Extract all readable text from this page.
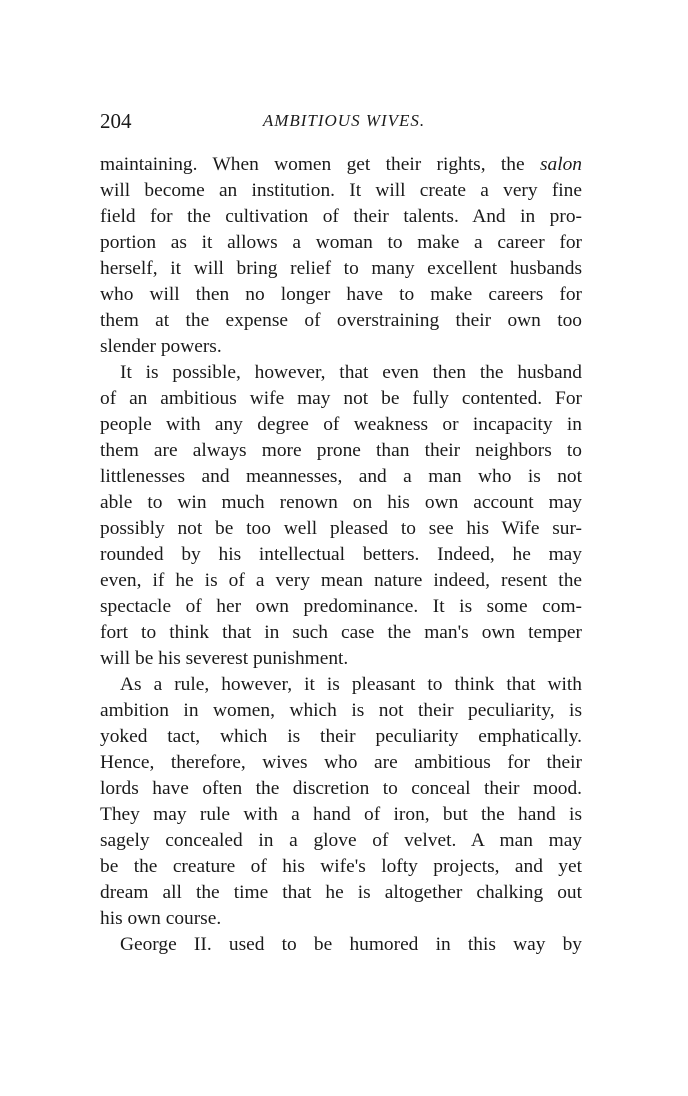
204	AMBITIOUS WIVES.
maintaining. When women get their rights, the salon
will become an institution. It will create a very fine
field for the cultivation of their talents. And in pro-
portion as it allows a woman to make a career for
herself, it will bring relief to many excellent husbands
who will then no longer have to make careers for
them at the expense of overstraining their own too
slender powers.
It is possible, however, that even then the husband
of an ambitious wife may not be fully contented. For
people with any degree of weakness or incapacity in
them are always more prone than their neighbors to
littlenesses and meannesses, and a man who is not
able to win much renown on his own account may
possibly not be too well pleased to see his Wife sur-
rounded by his intellectual betters. Indeed, he may
even, if he is of a very mean nature indeed, resent the
spectacle of her own predominance. It is some com-
fort to think that in such case the man's own temper
will be his severest punishment.
As a rule, however, it is pleasant to think that with
ambition in women, which is not their peculiarity, is
yoked tact, which is their peculiarity emphatically.
Hence, therefore, wives who are ambitious for their
lords have often the discretion to conceal their mood.
They may rule with a hand of iron, but the hand is
sagely concealed in a glove of velvet. A man may
be the creature of his wife's lofty projects, and yet
dream all the time that he is altogether chalking out
his own course.
George II. used to be humored in this way by
